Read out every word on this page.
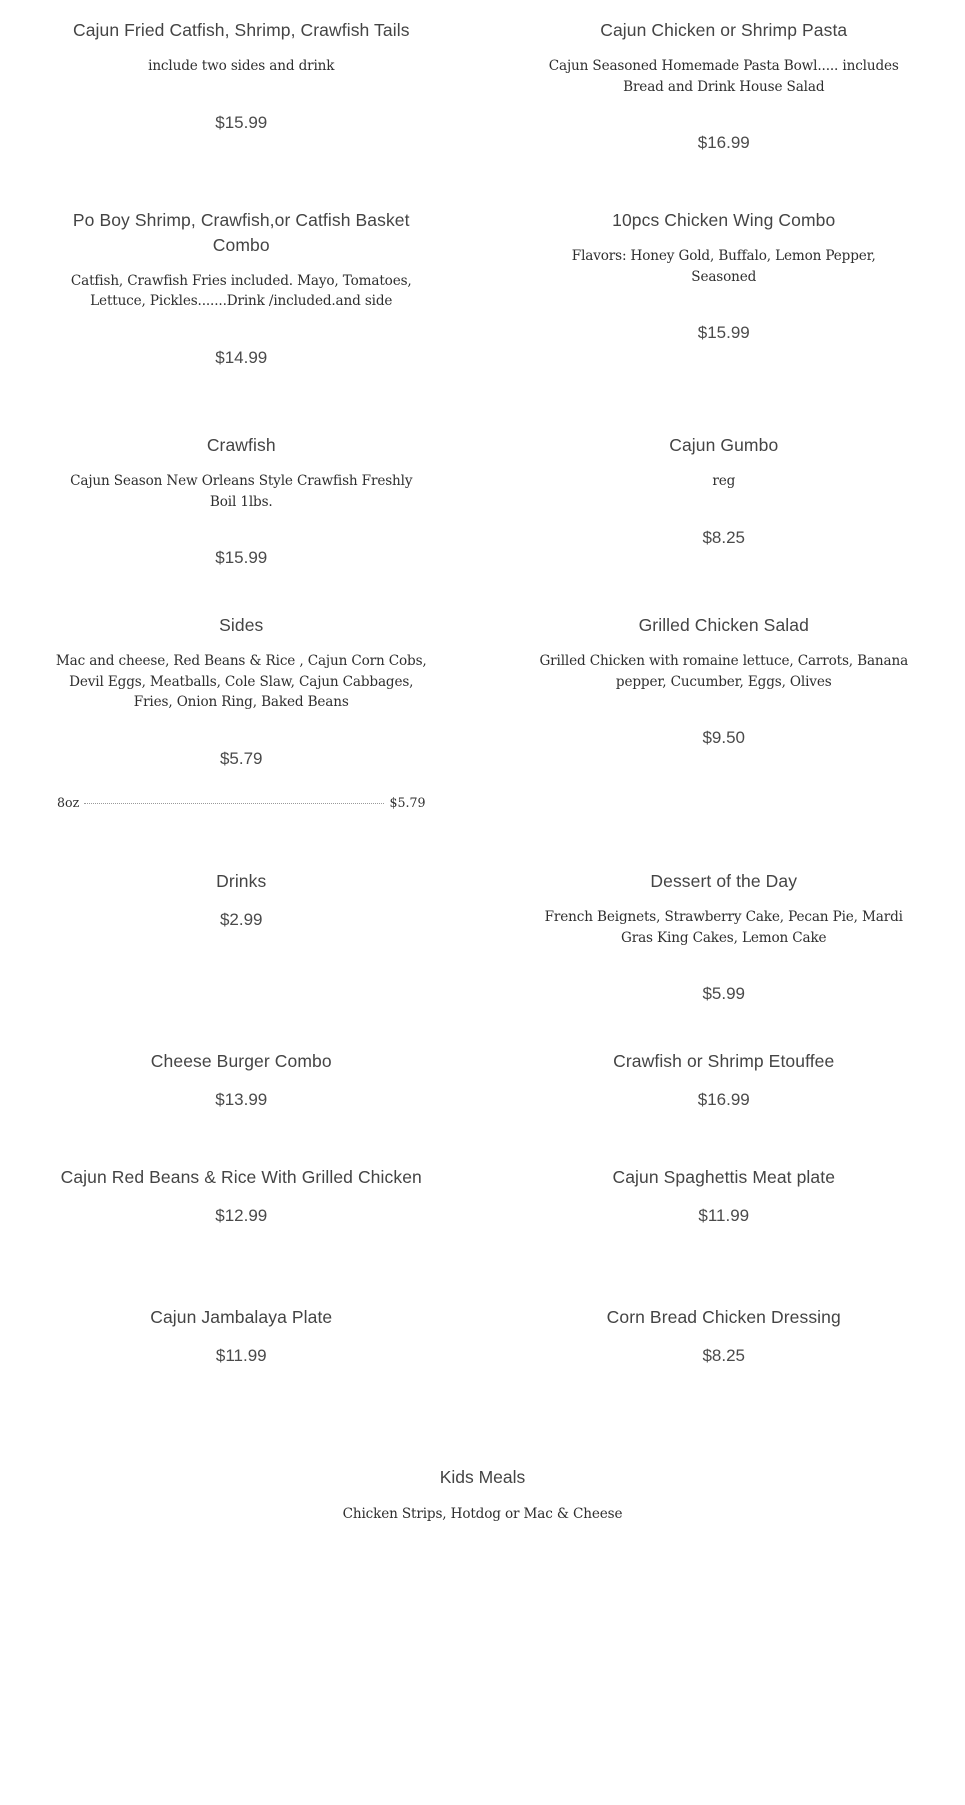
Cajun Fried Catfish, Shrimp, Crawfish Tails
include two sides and drink
$15.99
Cajun Chicken or Shrimp Pasta
Cajun Seasoned Homemade Pasta Bowl..... includes Bread and Drink House Salad
$16.99
Po Boy Shrimp, Crawfish,or Catfish Basket Combo
Catfish, Crawfish Fries included. Mayo, Tomatoes, Lettuce, Pickles.......Drink /included.and side
$14.99
10pcs Chicken Wing Combo
Flavors: Honey Gold, Buffalo, Lemon Pepper, Seasoned
$15.99
Crawfish
Cajun Season New Orleans Style Crawfish Freshly Boil 1lbs.
$15.99
Cajun Gumbo
reg
$8.25
Sides
Mac and cheese, Red Beans & Rice , Cajun Corn Cobs, Devil Eggs, Meatballs, Cole Slaw, Cajun Cabbages, Fries, Onion Ring, Baked Beans
$5.79
8oz	$5.79
Grilled Chicken Salad
Grilled Chicken with romaine lettuce, Carrots, Banana pepper, Cucumber, Eggs, Olives
$9.50
Drinks
$2.99
Dessert of the Day
French Beignets, Strawberry Cake, Pecan Pie, Mardi Gras King Cakes, Lemon Cake
$5.99
Cheese Burger Combo
$13.99
Crawfish or Shrimp Etouffee
$16.99
Cajun Red Beans & Rice With Grilled Chicken
$12.99
Cajun Spaghettis Meat plate
$11.99
Cajun Jambalaya Plate
$11.99
Corn Bread Chicken Dressing
$8.25
Kids Meals
Chicken Strips, Hotdog or Mac & Cheese
